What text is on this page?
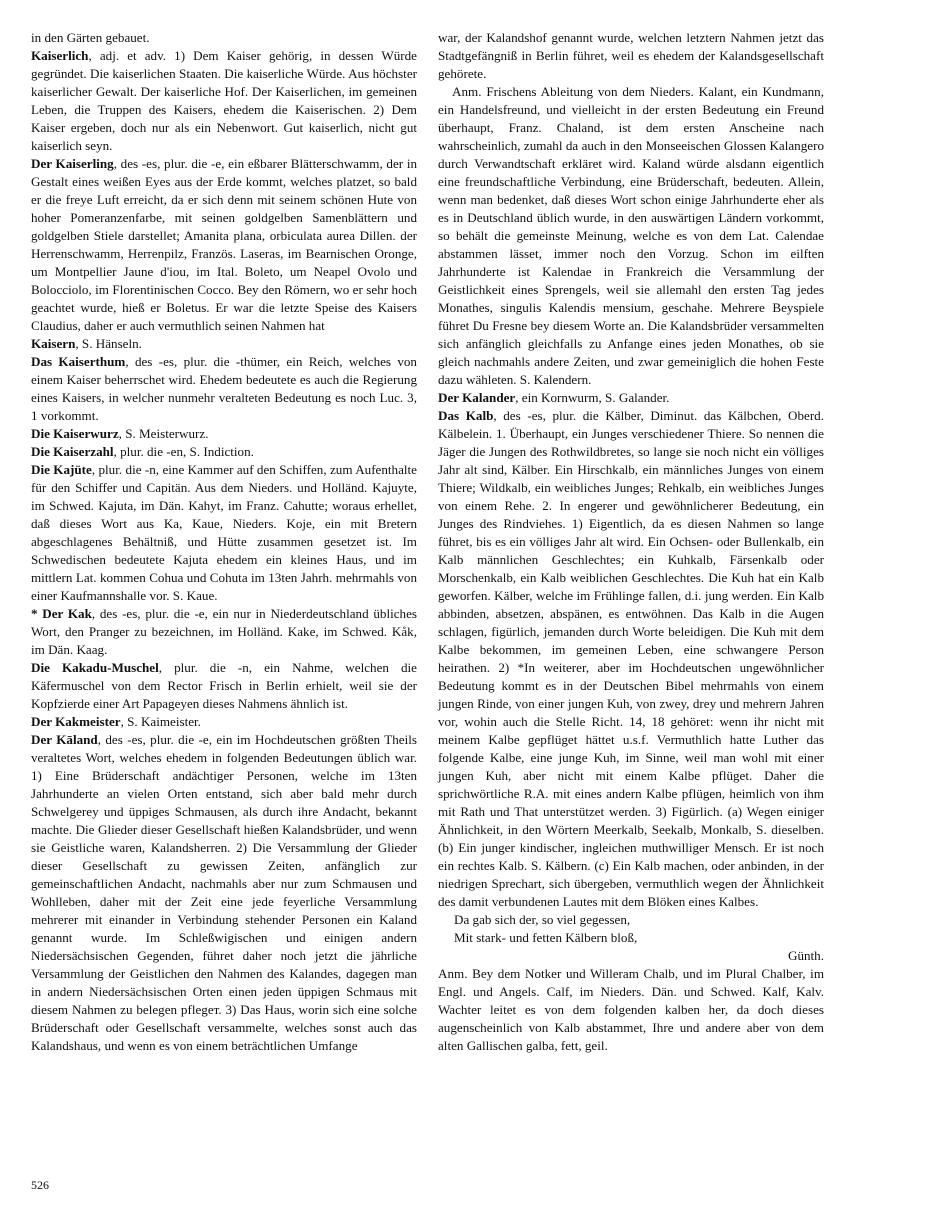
in den Gärten gebauet.

Kaiserlich, adj. et adv. 1) Dem Kaiser gehörig, in dessen Würde gegründet. Die kaiserlichen Staaten. Die kaiserliche Würde. Aus höchster kaiserlicher Gewalt. Der kaiserliche Hof. Der Kaiserlichen, im gemeinen Leben, die Truppen des Kaisers, ehedem die Kaiserischen. 2) Dem Kaiser ergeben, doch nur als ein Nebenwort. Gut kaiserlich, nicht gut kaiserlich seyn.

Der Kaiserling, des -es, plur. die -e, ein eßbarer Blätterschwamm, der in Gestalt eines weißen Eyes aus der Erde kommt, welches platzet, so bald er die freye Luft erreicht, da er sich denn mit seinem schönen Hute von hoher Pomeranzenfarbe, mit seinen goldgelben Samenblättern und goldgelben Stiele darstellet; Amanita plana, orbiculata aurea Dillen. der Herrenschwamm, Herrenpilz, Französ. Laseras, im Bearnischen Oronge, um Montpellier Jaune d'iou, im Ital. Boleto, um Neapel Ovolo und Bolocciolo, im Florentinischen Cocco. Bey den Römern, wo er sehr hoch geachtet wurde, hieß er Boletus. Er war die letzte Speise des Kaisers Claudius, daher er auch vermuthlich seinen Nahmen hat

Kaisern, S. Hänseln.

Das Kaiserthum, des -es, plur. die -thümer, ein Reich, welches von einem Kaiser beherrschet wird. Ehedem bedeutete es auch die Regierung eines Kaisers, in welcher nunmehr veralteten Bedeutung es noch Luc. 3, 1 vorkommt.

Die Kaiserwurz, S. Meisterwurz.

Die Kaiserzahl, plur. die -en, S. Indiction.

Die Kajüte, plur. die -n, eine Kammer auf den Schiffen, zum Aufenthalte für den Schiffer und Capitän. Aus dem Nieders. und Holländ. Kajuyte, im Schwed. Kajuta, im Dän. Kahyt, im Franz. Cahutte; woraus erhellet, daß dieses Wort aus Ka, Kaue, Nieders. Koje, ein mit Bretern abgeschlagenes Behältniß, und Hütte zusammen gesetzet ist. Im Schwedischen bedeutete Kajuta ehedem ein kleines Haus, und im mittlern Lat. kommen Cohua und Cohuta im 13ten Jahrh. mehrmahls von einer Kaufmannshalle vor. S. Kaue.

* Der Kak, des -es, plur. die -e, ein nur in Niederdeutschland übliches Wort, den Pranger zu bezeichnen, im Holländ. Kake, im Schwed. Kåk, im Dän. Kaag.

Die Kakadu-Muschel, plur. die -n, ein Nahme, welchen die Käfermuschel von dem Rector Frisch in Berlin erhielt, weil sie der Kopfzierde einer Art Papageyen dieses Nahmens ähnlich ist.

Der Kakmeister, S. Kaimeister.

Der Kāland, des -es, plur. die -e, ein im Hochdeutschen größten Theils veraltetes Wort, welches ehedem in folgenden Bedeutungen üblich war. 1) Eine Brüderschaft andächtiger Personen, welche im 13ten Jahrhunderte an vielen Orten entstand, sich aber bald mehr durch Schwelgerey und üppiges Schmausen, als durch ihre Andacht, bekannt machte. Die Glieder dieser Gesellschaft hießen Kalandsbrüder, und wenn sie Geistliche waren, Kalandsherren. 2) Die Versammlung der Glieder dieser Gesellschaft zu gewissen Zeiten, anfänglich zur gemeinschaftlichen Andacht, nachmahls aber nur zum Schmausen und Wohlleben, daher mit der Zeit eine jede feyerliche Versammlung mehrerer mit einander in Verbindung stehender Personen ein Kaland genannt wurde. Im Schleßwigischen und einigen andern Niedersächsischen Gegenden, führet daher noch jetzt die jährliche Versammlung der Geistlichen den Nahmen des Kalandes, dagegen man in andern Niedersächsischen Orten einen jeden üppigen Schmaus mit diesem Nahmen zu belegen pflegeт. 3) Das Haus, worin sich eine solche Brüderschaft oder Gesellschaft versammelte, welches sonst auch das Kalandshaus, und wenn es von einem beträchtlichen Umfange

war, der Kalandshof genannt wurde, welchen letztern Nahmen jetzt das Stadtgefängniß in Berlin führet, weil es ehedem der Kalandsgesellschaft gehörete.

Anm. Frischens Ableitung von dem Nieders. Kalant, ein Kundmann, ein Handelsfreund, und vielleicht in der ersten Bedeutung ein Freund überhaupt, Franz. Chaland, ist dem ersten Anscheine nach wahrscheinlich, zumahl da auch in den Monseeischen Glossen Kalangero durch Verwandtschaft erkläret wird. Kaland würde alsdann eigentlich eine freundschaftliche Verbindung, eine Brüderschaft, bedeuten. Allein, wenn man bedenket, daß dieses Wort schon einige Jahrhunderte eher als es in Deutschland üblich wurde, in den auswärtigen Ländern vorkommt, so behält die gemeinste Meinung, welche es von dem Lat. Calendae abstammen lässet, immer noch den Vorzug. Schon im eilften Jahrhunderte ist Kalendae in Frankreich die Versammlung der Geistlichkeit eines Sprengels, weil sie allemahl den ersten Tag jedes Monathes, singulis Kalendis mensium, geschahe. Mehrere Beyspiele führet Du Fresne bey diesem Worte an. Die Kalandsbrüder versammelten sich anfänglich gleichfalls zu Anfange eines jeden Monathes, ob sie gleich nachmahls andere Zeiten, und zwar gemeiniglich die hohen Feste dazu wählеten. S. Kalendern.

Der Kalander, ein Kornwurm, S. Galander.

Das Kalb, des -es, plur. die Kälber, Diminut. das Kälbchen, Oberd. Kälbelein. 1. Überhaupt, ein Junges verschiedener Thiere. So nennen die Jäger die Jungen des Rothwildbretes, so lange sie noch nicht ein völliges Jahr alt sind, Kälber. Ein Hirschkalb, ein männliches Junges von einem Thiere; Wildkalb, ein weibliches Junges; Rehkalb, ein weibliches Junges von einem Rehe. 2. In engerer und gewöhnlicherer Bedeutung, ein Junges des Rindviehes. 1) Eigentlich, da es diesen Nahmen so lange führet, bis es ein völliges Jahr alt wird. Ein Ochsen- oder Bullenkalb, ein Kalb männlichen Geschlechtes; ein Kuhkalb, Färsenkalb oder Morschenkalb, ein Kalb weiblichen Geschlechtes. Die Kuh hat ein Kalb geworfen. Kälber, welche im Frühlinge fallen, d.i. jung werden. Ein Kalb abbinden, absetzen, abspänen, es entwöhnen. Das Kalb in die Augen schlagen, figürlich, jemanden durch Worte beleidigen. Die Kuh mit dem Kalbe bekommen, im gemeinen Leben, eine schwangere Person heirathen. 2) *In weiterer, aber im Hochdeutschen ungewöhnlicher Bedeutung kommt es in der Deutschen Bibel mehrmahls von einem jungen Rinde, von einer jungen Kuh, von zwey, drey und mehrern Jahren vor, wohin auch die Stelle Richt. 14, 18 gehöret: wenn ihr nicht mit meinem Kalbe gepflüget hättet u.s.f. Vermuthlich hatte Luther das folgende Kalbe, eine junge Kuh, im Sinne, weil man wohl mit einer jungen Kuh, aber nicht mit einem Kalbe pflüget. Daher die sprichwörtliche R.A. mit eines andern Kalbe pflügen, heimlich von ihm mit Rath und That unterstützet werden. 3) Figürlich. (a) Wegen einiger Ähnlichkeit, in den Wörtern Meerkalb, Seekalb, Monkalb, S. dieselben. (b) Ein junger kindischer, ingleichen muthwilliger Mensch. Er ist noch ein rechtes Kalb. S. Kälbern. (c) Ein Kalb machen, oder anbinden, in der niedrigen Sprechart, sich übergeben, vermuthlich wegen der Ähnlichkeit des damit verbundenen Lautes mit dem Blöken eines Kalbes.

Da gab sich der, so viel gegessen,

Mit stark- und fetten Kälbern bloß,

Günth.

Anm. Bey dem Notker und Willeram Chalb, und im Plural Chalber, im Engl. und Angels. Calf, im Nieders. Dän. und Schwed. Kalf, Kalv. Wachter leitet es von dem folgenden kalben her, da doch dieses augenscheinlich von Kalb abstammet, Ihre und andere aber von dem alten Gallischen galba, fett, geil.

526
